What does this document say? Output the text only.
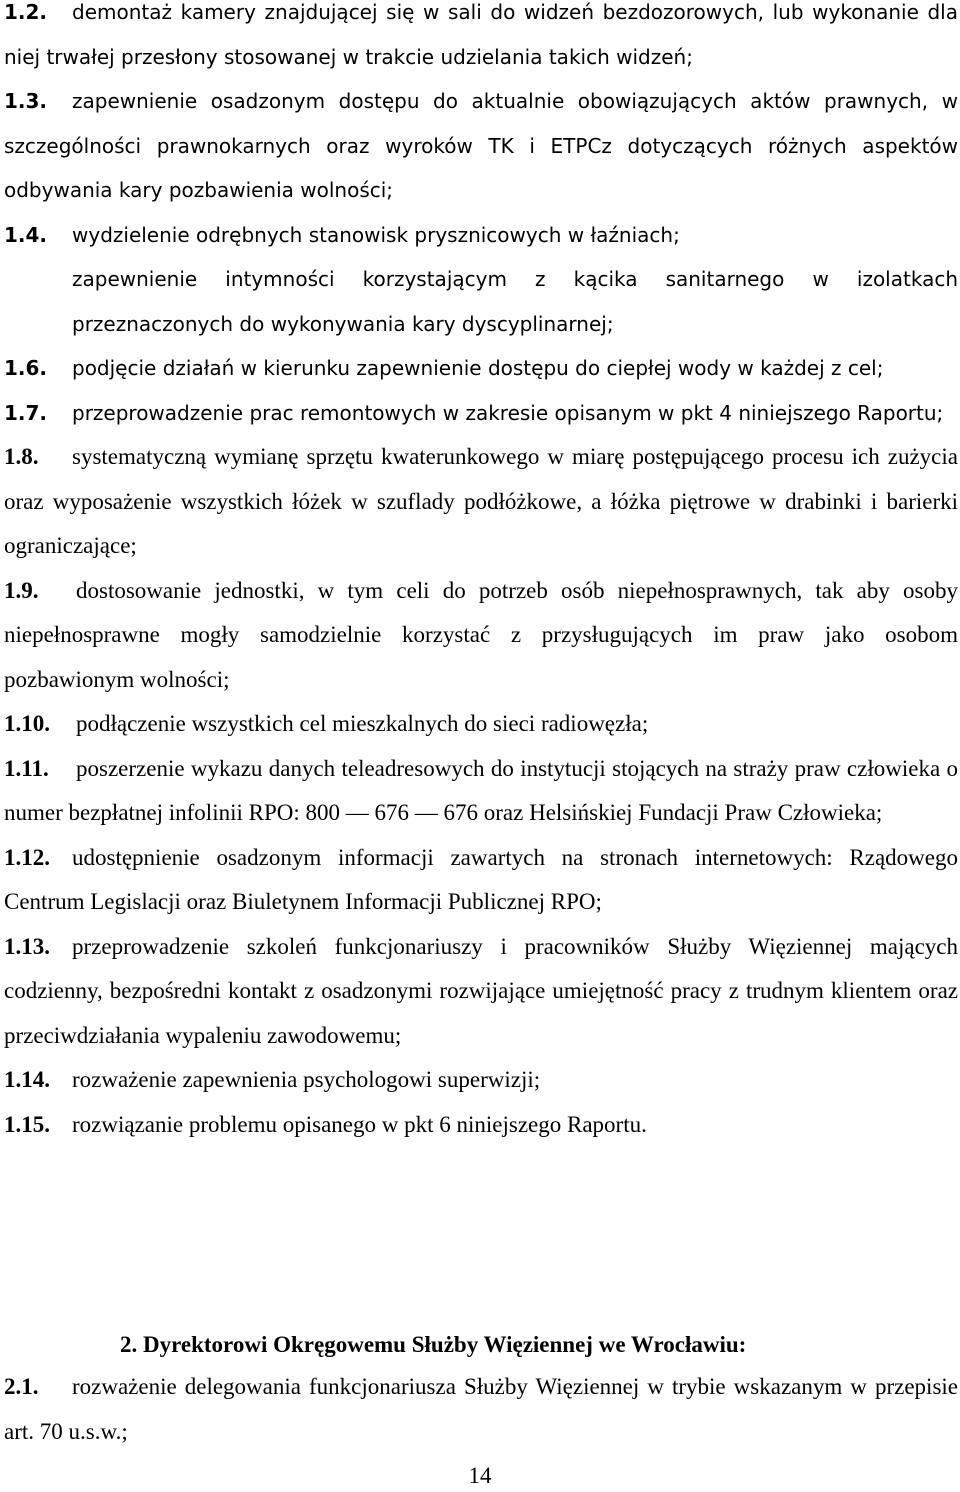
1.2. demontaż kamery znajdującej się w sali do widzeń bezdozorowych, lub wykonanie dla niej trwałej przesłony stosowanej w trakcie udzielania takich widzeń;
1.3. zapewnienie osadzonym dostępu do aktualnie obowiązujących aktów prawnych, w szczególności prawnokarnych oraz wyroków TK i ETPCz dotyczących różnych aspektów odbywania kary pozbawienia wolności;
1.4. wydzielenie odrębnych stanowisk prysznicowych w łaźniach;
zapewnienie intymności korzystającym z kącika sanitarnego w izolatkach przeznaczonych do wykonywania kary dyscyplinarnej;
1.6. podjęcie działań w kierunku zapewnienie dostępu do ciepłej wody w każdej z cel;
1.7. przeprowadzenie prac remontowych w zakresie opisanym w pkt 4 niniejszego Raportu;
1.8. systematyczną wymianę sprzętu kwaterunkowego w miarę postępującego procesu ich zużycia oraz wyposażenie wszystkich łóżek w szuflady podłóżkowe, a łóżka piętrowe w drabinki i barierki ograniczające;
1.9. dostosowanie jednostki, w tym celi do potrzeb osób niepełnosprawnych, tak aby osoby niepełnosprawne mogły samodzielnie korzystać z przysługujących im praw jako osobom pozbawionym wolności;
1.10. podłączenie wszystkich cel mieszkalnych do sieci radiowęzła;
1.11. poszerzenie wykazu danych teleadresowych do instytucji stojących na straży praw człowieka o numer bezpłatnej infolinii RPO: 800 — 676 — 676 oraz Helsińskiej Fundacji Praw Człowieka;
1.12. udostępnienie osadzonym informacji zawartych na stronach internetowych: Rządowego Centrum Legislacji oraz Biuletynem Informacji Publicznej RPO;
1.13. przeprowadzenie szkoleń funkcjonariuszy i pracowników Służby Więziennej mających codzienny, bezpośredni kontakt z osadzonymi rozwijające umiejętność pracy z trudnym klientem oraz przeciwdziałania wypaleniu zawodowemu;
1.14. rozważenie zapewnienia psychologowi superwizji;
1.15. rozwiązanie problemu opisanego w pkt 6 niniejszego Raportu.
2. Dyrektorowi Okręgowemu Służby Więziennej we Wrocławiu:
2.1. rozważenie delegowania funkcjonariusza Służby Więziennej w trybie wskazanym w przepisie art. 70 u.s.w.;
14
